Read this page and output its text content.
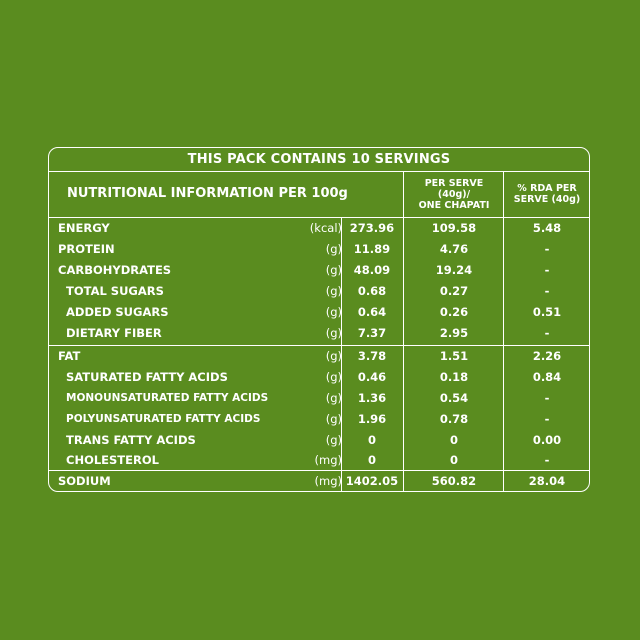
THIS PACK CONTAINS 10 SERVINGS
NUTRITIONAL INFORMATION PER 100g
PER SERVE
(40g)/
ONE CHAPATI
% RDA PER
SERVE (40g)
ENERGY	(kcal) 273.96	109.58	5.48
PROTEIN	(g)	11.89	4.76	-
CARBOHYDRATES	(g)	48.09	19.24	-
TOTAL SUGARS	(g)	0.68	0.27	-
ADDED SUGARS	(g)	0.64	0.26	0.51
DIETARY FIBER	(g)	7.37	2.95	-
FAT	(g)	3.78	1.51	2.26
SATURATED FATTY ACIDS	(g)	0.46	0.18	0.84
MONOUNSATURATED FATTY ACIDS	(g)	1.36	0.54	-
POLYUNSATURATED FATTY ACIDS	(g)	1.96	0.78	-
TRANS FATTY ACIDS	(g)	0	0	0.00
CHOLESTEROL	(mg)	0	0	-
SODIUM	(mg) 1402.05	560.82	28.04
